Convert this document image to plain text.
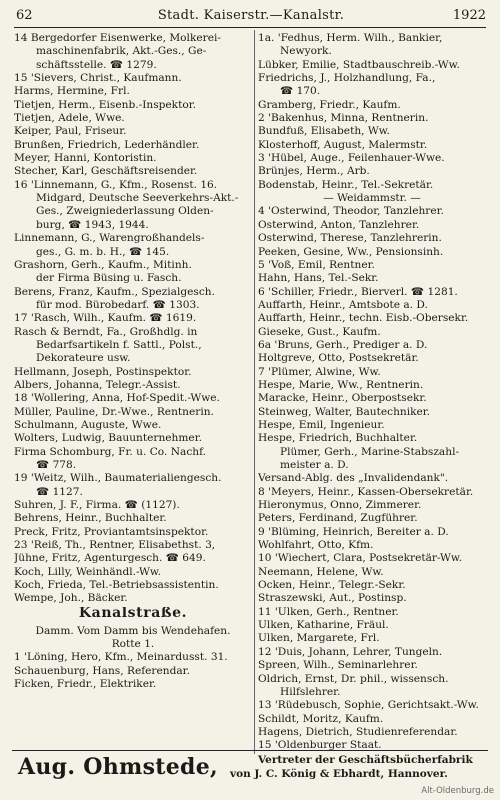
62	Stadt. Kaiserstr.—Kanalstr.	1922
14 Bergedorfer Eisenwerke, Molkerei-
maschinenfabrik, Akt.-Ges., Ge-
schäftsstelle. ☎ 1279.
15 'Sievers, Christ., Kaufmann.
Harms, Hermine, Frl.
Tietjen, Herm., Eisenb.-Inspektor.
Tietjen, Adele, Wwe.
Keiper, Paul, Friseur.
Brunßen, Friedrich, Lederhändler.
Meyer, Hanni, Kontoristin.
Stecher, Karl, Geschäftsreisender.
16 'Linnemann, G., Kfm., Rosenst. 16.
Midgard, Deutsche Seeverkehrs-Akt.-
Ges., Zweigniederlassung Olden-
burg, ☎ 1943, 1944.
Linnemann, G., Warengroßhandels-
ges., G. m. b. H., ☎ 145.
Grashorn, Gerh., Kaufm., Mitinh.
der Firma Büsing u. Fasch.
Berens, Franz, Kaufm., Spezialgesch.
für mod. Bürobedarf. ☎ 1303.
17 'Rasch, Wilh., Kaufm. ☎ 1619.
Rasch & Berndt, Fa., Großhdlg. in
Bedarfsartikeln f. Sattl., Polst.,
Dekorateure usw.
Hellmann, Joseph, Postinspektor.
Albers, Johanna, Telegr.-Assist.
18 'Wollering, Anna, Hof-Spedit.-Wwe.
Müller, Pauline, Dr.-Wwe., Rentnerin.
Schulmann, Auguste, Wwe.
Wolters, Ludwig, Bauunternehmer.
Firma Schomburg, Fr. u. Co. Nachf.
☎ 778.
19 'Weitz, Wilh., Baumaterialiengesch.
☎ 1127.
Suhren, J. F., Firma. ☎ (1127).
Behrens, Heinr., Buchhalter.
Preck, Fritz, Proviantamtsinspektor.
23 'Reiß, Th., Rentner, Elisabethst. 3,
Jühne, Fritz, Agenturgesch. ☎ 649.
Koch, Lilly, Weinhändl.-Ww.
Koch, Frieda, Tel.-Betriebsassistentin.
Wempe, Joh., Bäcker.
Kanalstraße.
Damm. Vom Damm bis Wendehafen.
Rotte 1.
1 'Löning, Hero, Kfm., Meinardusst. 31.
Schauenburg, Hans, Referendar.
Ficken, Friedr., Elektriker.
1a. 'Fedhus, Herm. Wilh., Bankier,
Newyork.
Lübker, Emilie, Stadtbauschreib.-Ww.
Friedrichs, J., Holzhandlung, Fa.,
☎ 170.
Gramberg, Friedr., Kaufm.
2 'Bakenhus, Minna, Rentnerin.
Bundfuß, Elisabeth, Ww.
Klosterhoff, August, Malermstr.
3 'Hübel, Auge., Feilenhauer-Wwe.
Brünjes, Herm., Arb.
Bodenstab, Heinr., Tel.-Sekretär.
— Weidammstr. —
4 'Osterwind, Theodor, Tanzlehrer.
Osterwind, Anton, Tanzlehrer.
Osterwind, Therese, Tanzlehrerin.
Peeken, Gesine, Ww., Pensionsinh.
5 'Voß, Emil, Rentner.
Hahn, Hans, Tel.-Sekr.
6 'Schiller, Friedr., Bierverl. ☎ 1281.
Auffarth, Heinr., Amtsbote a. D.
Auffarth, Heinr., techn. Eisb.-Obersekr.
Gieseke, Gust., Kaufm.
6a 'Bruns, Gerh., Prediger a. D.
Holtgreve, Otto, Postsekretär.
7 'Plümer, Alwine, Ww.
Hespe, Marie, Ww., Rentnerin.
Maracke, Heinr., Oberpostsekr.
Steinweg, Walter, Bautechniker.
Hespe, Emil, Ingenieur.
Hespe, Friedrich, Buchhalter.
Plümer, Gerh., Marine-Stabszahl-
meister a. D.
Versand-Ablg. des „Invalidendank".
8 'Meyers, Heinr., Kassen-Obersekretär.
Hieronymus, Onno, Zimmerer.
Peters, Ferdinand, Zugführer.
9 'Blüming, Heinrich, Bereiter a. D.
Wohlfahrt, Otto, Kfm.
10 'Wiechert, Clara, Postsekretär-Ww.
Neemann, Helene, Ww.
Ocken, Heinr., Telegr.-Sekr.
Straszewski, Aut., Postinsp.
11 'Ulken, Gerh., Rentner.
Ulken, Katharine, Fräul.
Ulken, Margarete, Frl.
12 'Duis, Johann, Lehrer, Tungeln.
Spreen, Wilh., Seminarlehrer.
Oldrich, Ernst, Dr. phil., wissensch.
Hilfslehrer.
13 'Rüdebusch, Sophie, Gerichtsakt.-Ww.
Schildt, Moritz, Kaufm.
Hagens, Dietrich, Studienreferendar.
15 'Oldenburger Staat.
Aug. Ohmstede,	Vertreter der Geschäftsbücherfabrik
von J. C. König & Ebhardt, Hannover.
Alt-Oldenburg.de
